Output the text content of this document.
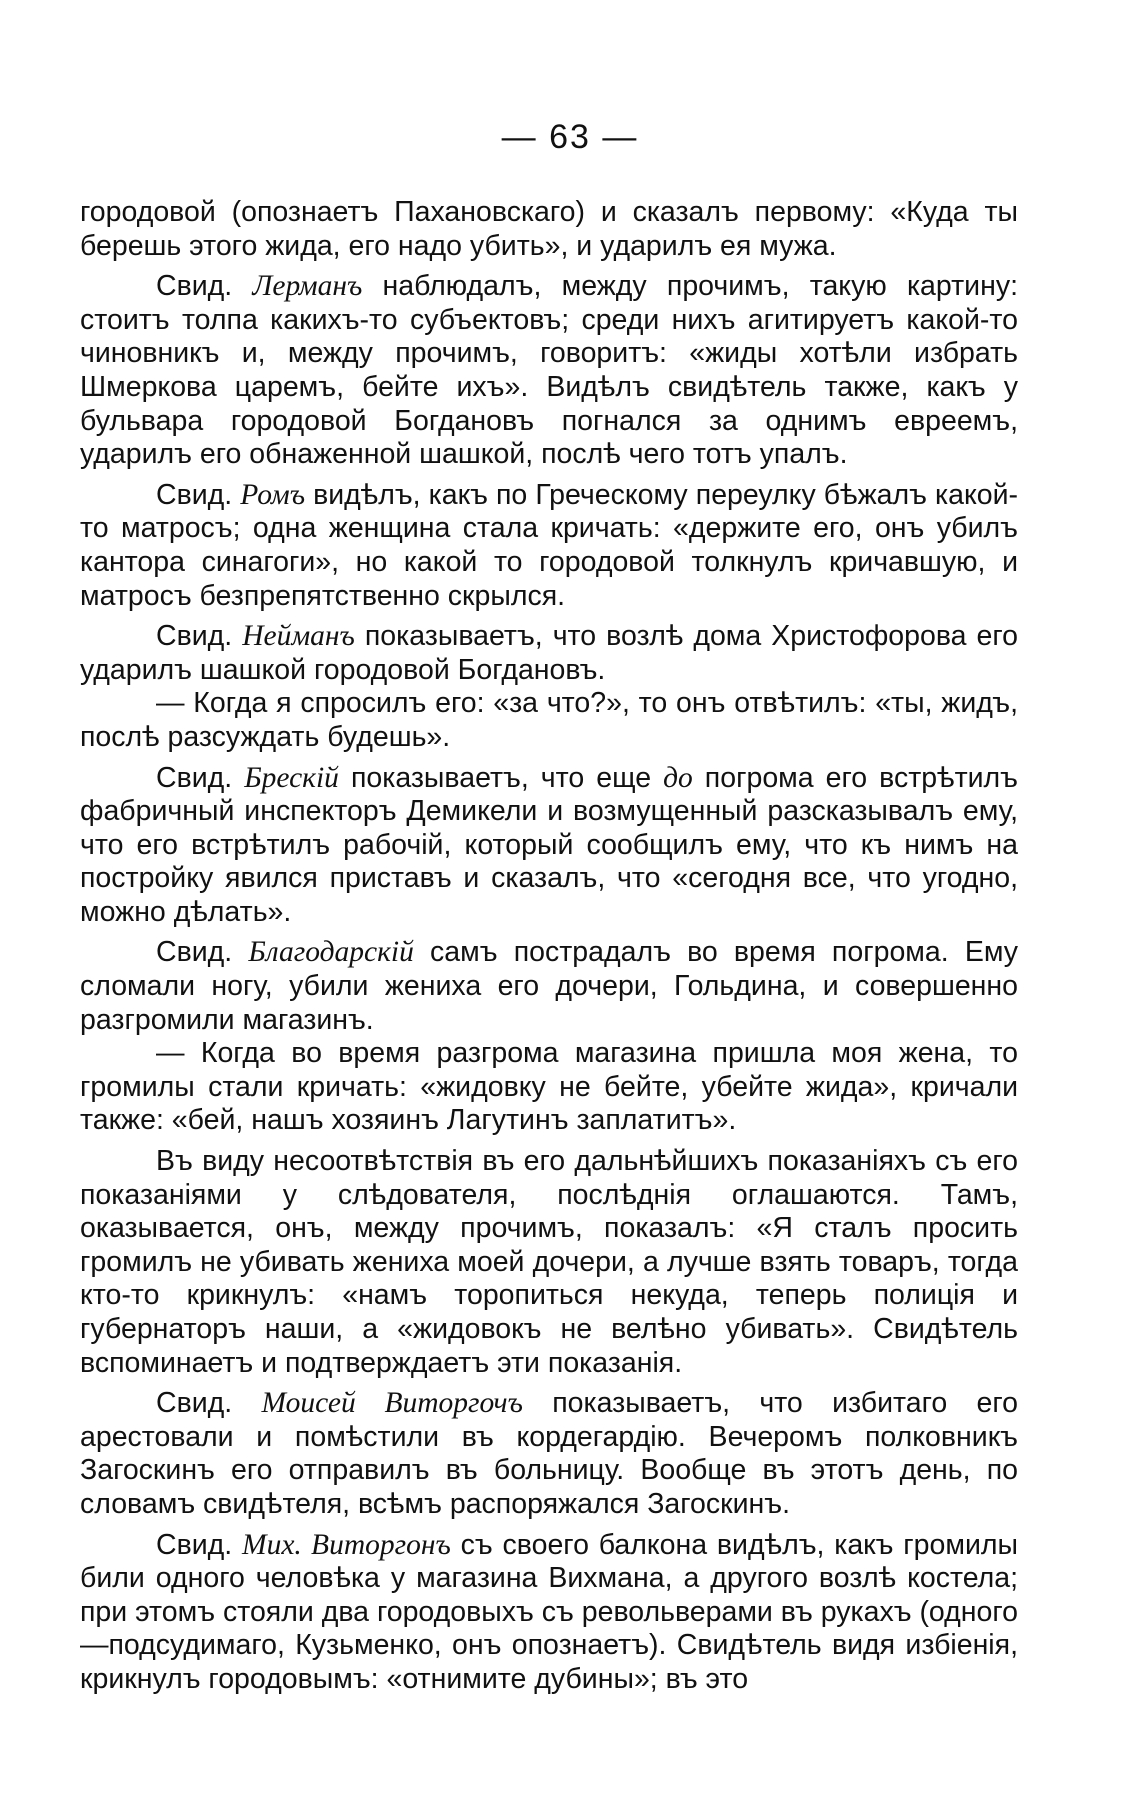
— 63 —

городовой (опознаетъ Пахановскаго) и сказалъ первому: «Куда ты берешь этого жида, его надо убить», и ударилъ ея мужа.

Свид. Лерманъ наблюдалъ, между прочимъ, такую картину: стоитъ толпа какихъ-то субъектовъ; среди нихъ агитируетъ какой-то чиновникъ и, между прочимъ, говоритъ: «жиды хотѣли избрать Шмеркова царемъ, бейте ихъ». Видѣлъ свидѣтель также, какъ у бульвара городовой Богдановъ погнался за однимъ евреемъ, ударилъ его обнаженной шашкой, послѣ чего тотъ упалъ.

Свид. Ромъ видѣлъ, какъ по Греческому переулку бѣжалъ какой-то матросъ; одна женщина стала кричать: «держите его, онъ убилъ кантора синагоги», но какой то городовой толкнулъ кричавшую, и матросъ безпрепятственно скрылся.

Свид. Нейманъ показываетъ, что возлѣ дома Христофорова его ударилъ шашкой городовой Богдановъ.

— Когда я спросилъ его: «за что?», то онъ отвѣтилъ: «ты, жидъ, послѣ разсуждать будешь».

Свид. Брескій показываетъ, что еще до погрома его встрѣтилъ фабричный инспекторъ Демикели и возмущенный разсказывалъ ему, что его встрѣтилъ рабочій, который сообщилъ ему, что къ нимъ на постройку явился приставъ и сказалъ, что «сегодня все, что угодно, можно дѣлать».

Свид. Благодарскій самъ пострадалъ во время погрома. Ему сломали ногу, убили жениха его дочери, Гольдина, и совершенно разгромили магазинъ.

— Когда во время разгрома магазина пришла моя жена, то громилы стали кричать: «жидовку не бейте, убейте жида», кричали также: «бей, нашъ хозяинъ Лагутинъ заплатитъ».

Въ виду несоотвѣтствія въ его дальнѣйшихъ показаніяхъ съ его показаніями у слѣдователя, послѣднія оглашаются. Тамъ, оказывается, онъ, между прочимъ, показалъ: «Я сталъ просить громилъ не убивать жениха моей дочери, а лучше взять товаръ, тогда кто-то крикнулъ: «намъ торопиться некуда, теперь полиція и губернаторъ наши, а «жидовокъ не велѣно убивать». Свидѣтель вспоминаетъ и подтверждаетъ эти показанія.

Свид. Моисей Виторгочъ показываетъ, что избитаго его арестовали и помѣстили въ кордегардію. Вечеромъ полковникъ Загоскинъ его отправилъ въ больницу. Вообще въ этотъ день, по словамъ свидѣтеля, всѣмъ распоряжался Загоскинъ.

Свид. Мих. Виторгонъ съ своего балкона видѣлъ, какъ громилы били одного человѣка у магазина Вихмана, а другого возлѣ костела; при этомъ стояли два городовыхъ съ револьверами въ рукахъ (одного—подсудимаго, Кузьменко, онъ опознаетъ). Свидѣтель видя избіенія, крикнулъ городовымъ: «отнимите дубины»; въ это
